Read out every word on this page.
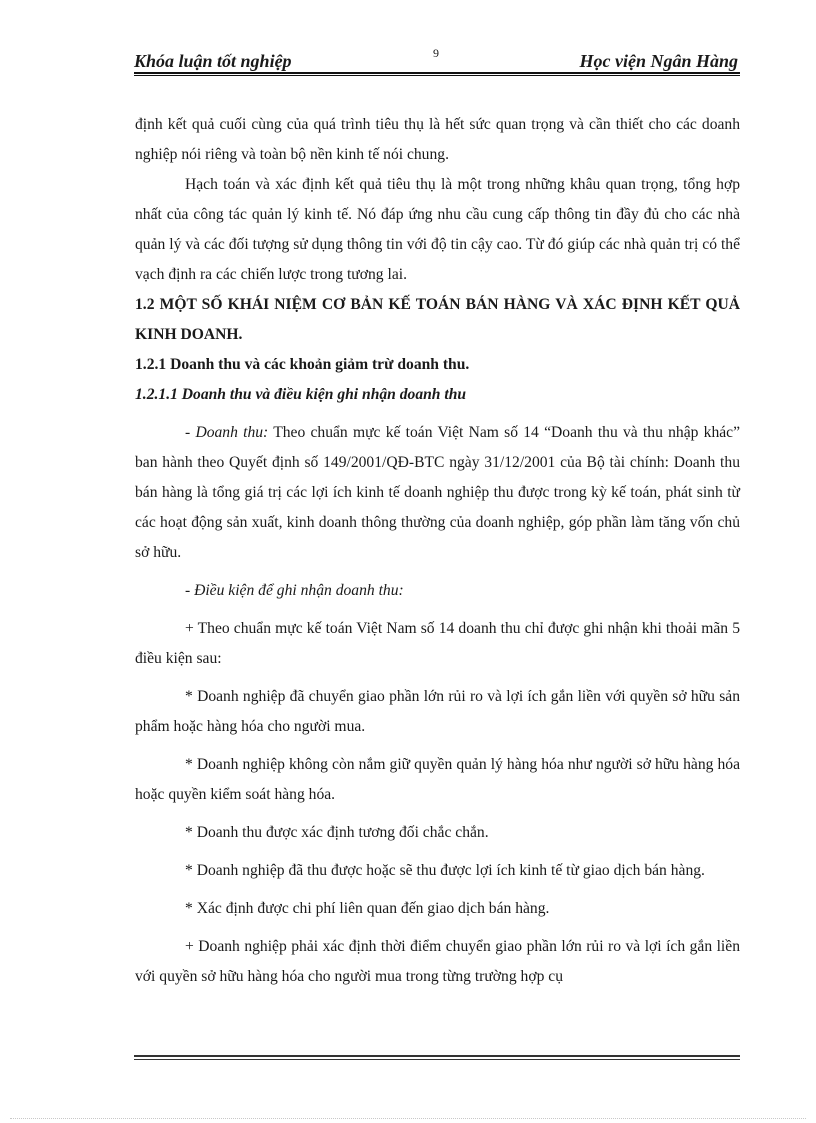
Khóa luận tốt nghiệp	9	Học viện Ngân Hàng

định kết quả cuối cùng của quá trình tiêu thụ là hết sức quan trọng và cần thiết cho các doanh nghiệp nói riêng và toàn bộ nền kinh tế nói chung.

Hạch toán và xác định kết quả tiêu thụ là một trong những khâu quan trọng, tổng hợp nhất của công tác quản lý kinh tế. Nó đáp ứng nhu cầu cung cấp thông tin đầy đủ cho các nhà quản lý và các đối tượng sử dụng thông tin với độ tin cậy cao. Từ đó giúp các nhà quản trị có thể vạch định ra các chiến lược trong tương lai.

1.2 MỘT SỐ KHÁI NIỆM CƠ BẢN KẾ TOÁN BÁN HÀNG VÀ XÁC ĐỊNH KẾT QUẢ KINH DOANH.

1.2.1 Doanh thu và các khoản giảm trừ doanh thu.

1.2.1.1 Doanh thu và điều kiện ghi nhận doanh thu

- Doanh thu: Theo chuẩn mực kế toán Việt Nam số 14 “Doanh thu và thu nhập khác” ban hành theo Quyết định số 149/2001/QĐ-BTC ngày 31/12/2001 của Bộ tài chính: Doanh thu bán hàng là tổng giá trị các lợi ích kinh tế doanh nghiệp thu được trong kỳ kế toán, phát sinh từ các hoạt động sản xuất, kinh doanh thông thường của doanh nghiệp, góp phần làm tăng vốn chủ sở hữu.

- Điều kiện để ghi nhận doanh thu:

+ Theo chuẩn mực kế toán Việt Nam số 14 doanh thu chỉ được ghi nhận khi thoải mãn 5 điều kiện sau:

* Doanh nghiệp đã chuyển giao phần lớn rủi ro và lợi ích gắn liền với quyền sở hữu sản phẩm hoặc hàng hóa cho người mua.

* Doanh nghiệp không còn nắm giữ quyền quản lý hàng hóa như người sở hữu hàng hóa hoặc quyền kiểm soát hàng hóa.

* Doanh thu được xác định tương đối chắc chắn.

* Doanh nghiệp đã thu được hoặc sẽ thu được lợi ích kinh tế từ giao dịch bán hàng.

* Xác định được chi phí liên quan đến giao dịch bán hàng.

+ Doanh nghiệp phải xác định thời điểm chuyển giao phần lớn rủi ro và lợi ích gắn liền với quyền sở hữu hàng hóa cho người mua trong từng trường hợp cụ
